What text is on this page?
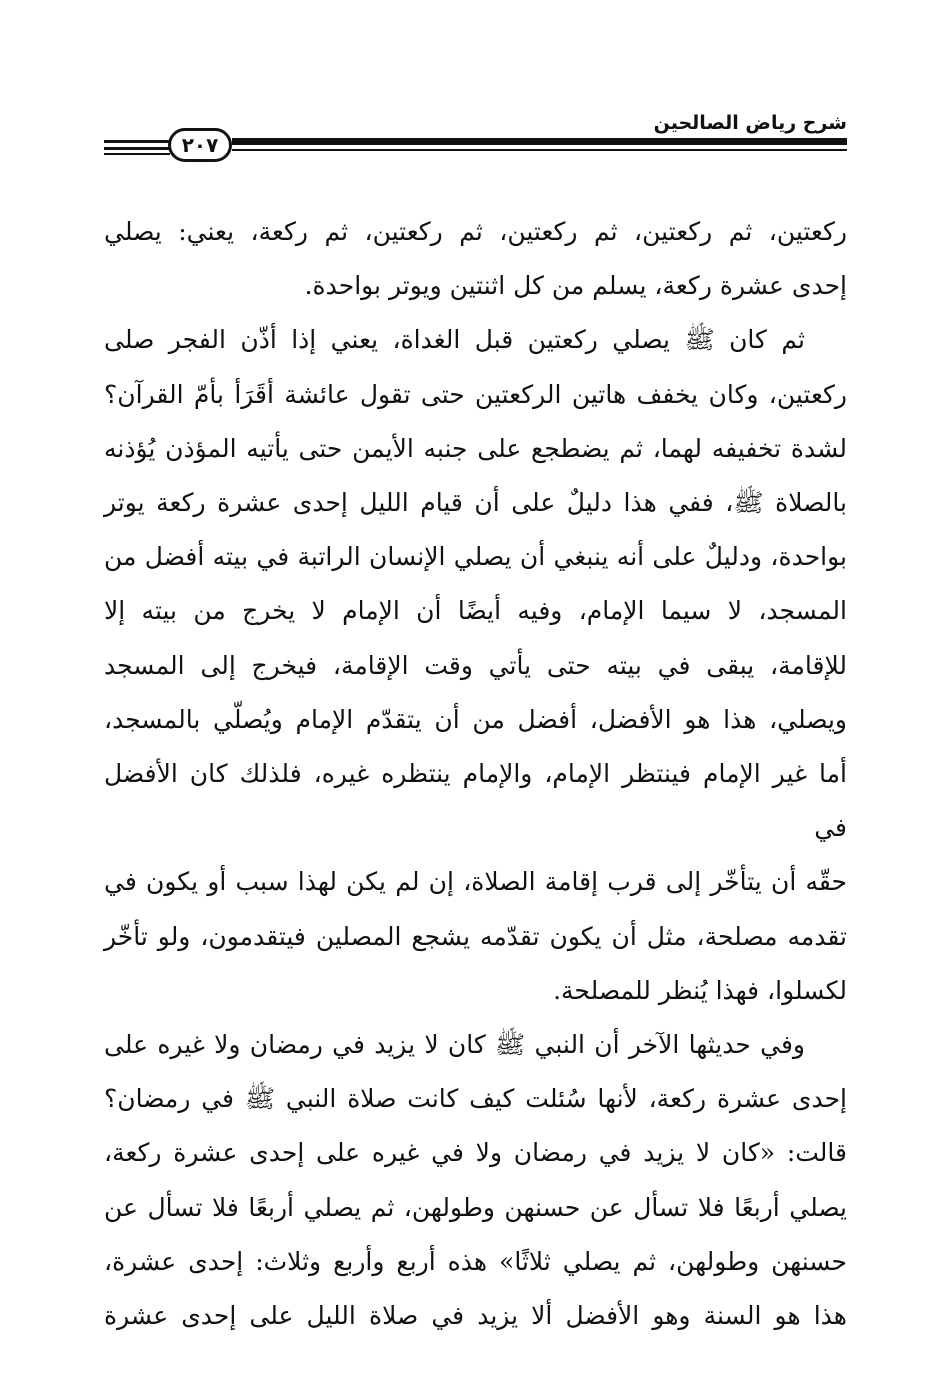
شرح رياض الصالحين
٢٠٧
ركعتين، ثم ركعتين، ثم ركعتين، ثم ركعتين، ثم ركعة، يعني: يصلي
إحدى عشرة ركعة، يسلم من كل اثنتين ويوتر بواحدة.
ثم كان ﷺ يصلي ركعتين قبل الغداة، يعني إذا أذّن الفجر صلى
ركعتين، وكان يخفف هاتين الركعتين حتى تقول عائشة أقَرَأ بأمّ القرآن؟
لشدة تخفيفه لهما، ثم يضطجع على جنبه الأيمن حتى يأتيه المؤذن يُؤذنه
بالصلاة ﷺ، ففي هذا دليلٌ على أن قيام الليل إحدى عشرة ركعة يوتر
بواحدة، ودليلٌ على أنه ينبغي أن يصلي الإنسان الراتبة في بيته أفضل من
المسجد، لا سيما الإمام، وفيه أيضًا أن الإمام لا يخرج من بيته إلا
للإقامة، يبقى في بيته حتى يأتي وقت الإقامة، فيخرج إلى المسجد
ويصلي، هذا هو الأفضل، أفضل من أن يتقدّم الإمام ويُصلّي بالمسجد،
أما غير الإمام فينتظر الإمام، والإمام ينتظره غيره، فلذلك كان الأفضل في
حقّه أن يتأخّر إلى قرب إقامة الصلاة، إن لم يكن لهذا سبب أو يكون في
تقدمه مصلحة، مثل أن يكون تقدّمه يشجع المصلين فيتقدمون، ولو تأخّر
لكسلوا، فهذا يُنظر للمصلحة.
وفي حديثها الآخر أن النبي ﷺ كان لا يزيد في رمضان ولا غيره على
إحدى عشرة ركعة، لأنها سُئلت كيف كانت صلاة النبي ﷺ في رمضان؟
قالت: «كان لا يزيد في رمضان ولا في غيره على إحدى عشرة ركعة،
يصلي أربعًا فلا تسأل عن حسنهن وطولهن، ثم يصلي أربعًا فلا تسأل عن
حسنهن وطولهن، ثم يصلي ثلاثًا» هذه أربع وأربع وثلاث: إحدى عشرة،
هذا هو السنة وهو الأفضل ألا يزيد في صلاة الليل على إحدى عشرة
